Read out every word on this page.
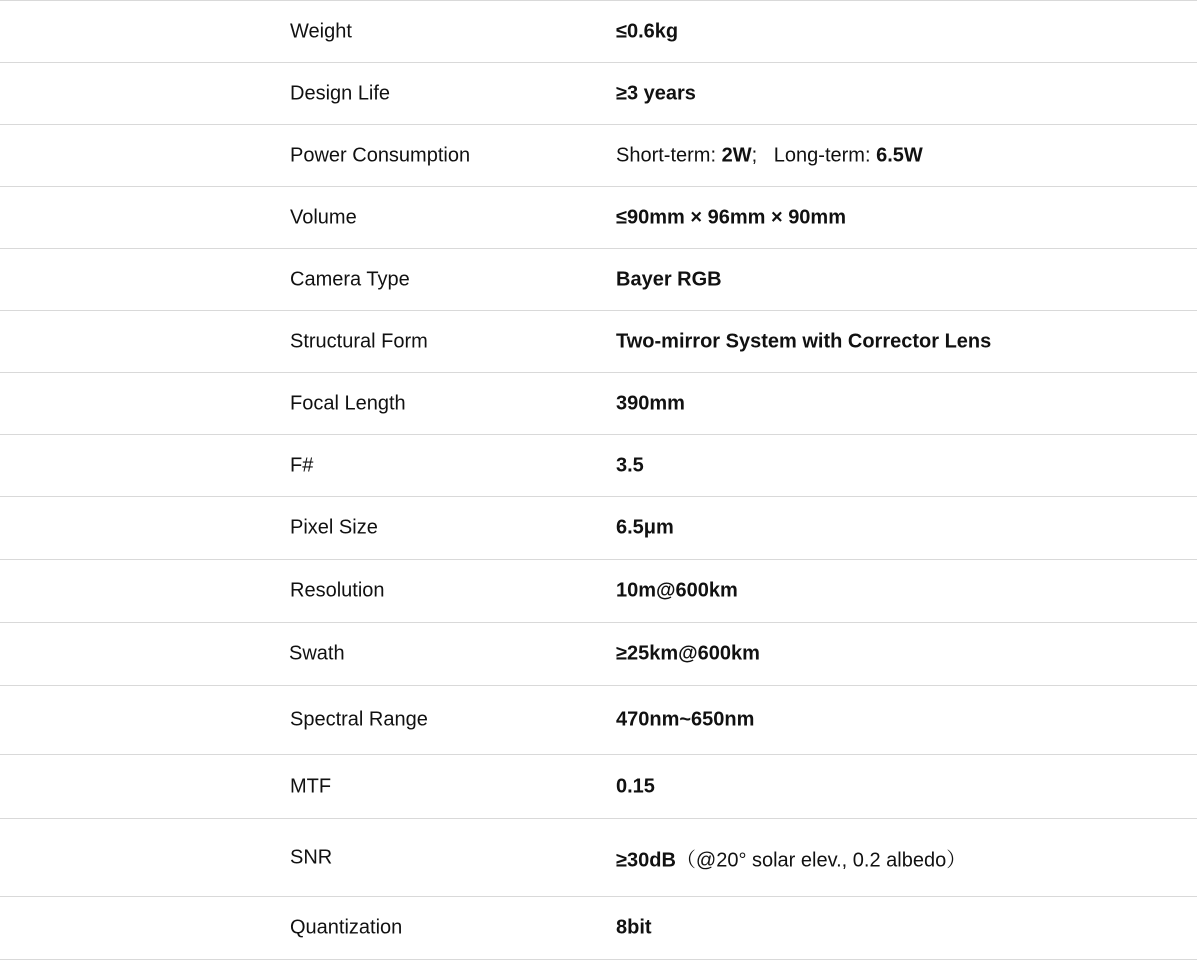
Weight	≤0.6kg
Design Life	≥3 years
Power Consumption	Short-term: 2W;   Long-term: 6.5W
Volume	≤90mm × 96mm × 90mm
Camera Type	Bayer RGB
Structural Form	Two-mirror System with Corrector Lens
Focal Length	390mm
F#	3.5
Pixel Size	6.5μm
Resolution	10m@600km
Swath	≥25km@600km
Spectral Range	470nm~650nm
MTF	0.15
SNR	≥30dB（@20° solar elev., 0.2 albedo）
Quantization	8bit
